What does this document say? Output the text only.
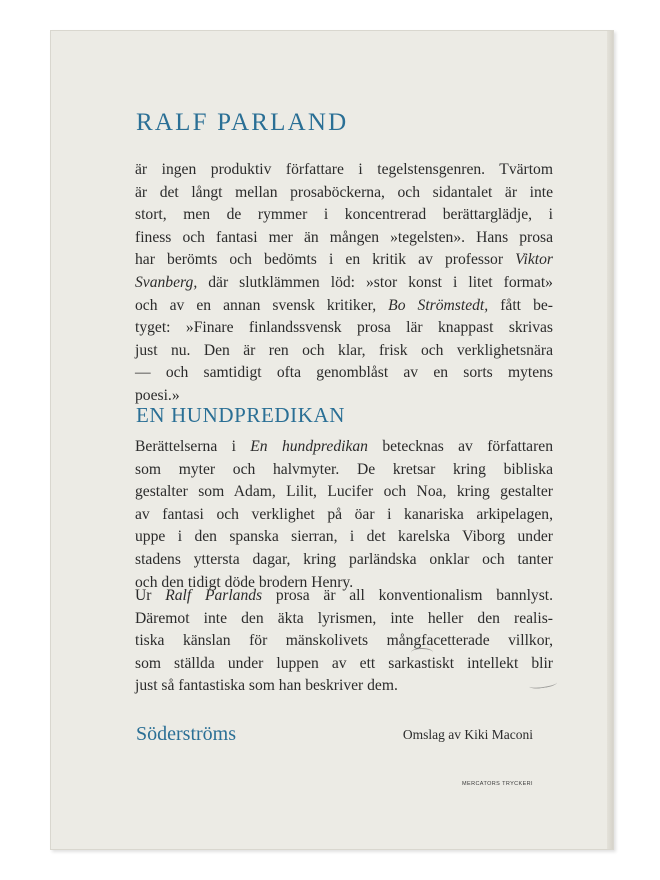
RALF PARLAND

är ingen produktiv författare i tegelstensgenren. Tvärtom
är det långt mellan prosaböckerna, och sidantalet är inte
stort, men de rymmer i koncentrerad berättarglädje, i
finess och fantasi mer än mången »tegelsten». Hans prosa
har berömts och bedömts i en kritik av professor Viktor
Svanberg, där slutklämmen löd: »stor konst i litet format»
och av en annan svensk kritiker, Bo Strömstedt, fått be-
tyget: »Finare finlandssvensk prosa lär knappast skrivas
just nu. Den är ren och klar, frisk och verklighetsnära
— och samtidigt ofta genomblåst av en sorts mytens
poesi.»

EN HUNDPREDIKAN

Berättelserna i En hundpredikan betecknas av författaren
som myter och halvmyter. De kretsar kring bibliska
gestalter som Adam, Lilit, Lucifer och Noa, kring gestalter
av fantasi och verklighet på öar i kanariska arkipelagen,
uppe i den spanska sierran, i det karelska Viborg under
stadens yttersta dagar, kring parländska onklar och tanter
och den tidigt döde brodern Henry.

Ur Ralf Parlands prosa är all konventionalism bannlyst.
Däremot inte den äkta lyrismen, inte heller den realis-
tiska känslan för mänskolivets mångfacetterade villkor,
som ställda under luppen av ett sarkastiskt intellekt blir
just så fantastiska som han beskriver dem.

Söderströms	Omslag av Kiki Maconi

MERCATORS TRYCKERI
